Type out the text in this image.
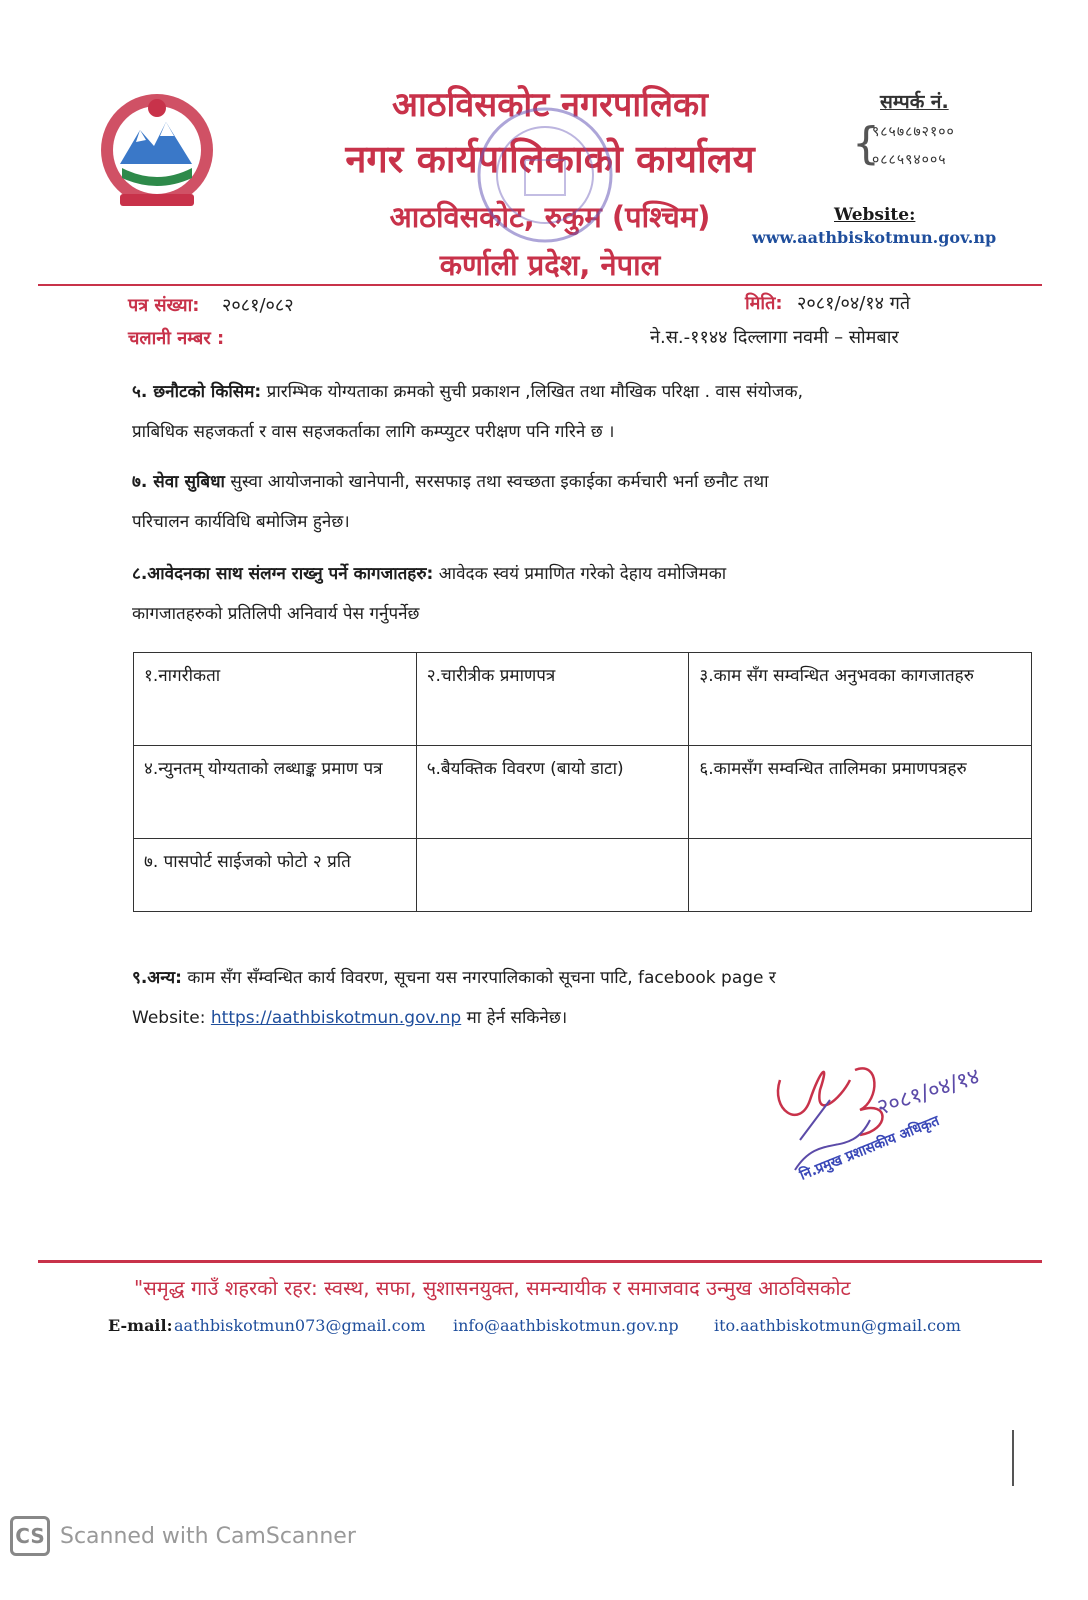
आठविसकोट नगरपालिका
नगर कार्यपालिकाको कार्यालय
आठविसकोट, रुकुम (पश्चिम)
कर्णाली प्रदेश, नेपाल
सम्पर्क नं.
{
९८५७८७२१००
०८८५९४००५
Website:
www.aathbiskotmun.gov.np
पत्र संख्या: २०८१/०८२
चलानी नम्बर :
मिति: २०८१/०४/१४ गते
ने.स.-११४४ दिल्लागा नवमी – सोमबार
५. छनौटको किसिम: प्रारम्भिक योग्यताका क्रमको सुची प्रकाशन ,लिखित तथा मौखिक परिक्षा . वास संयोजक,
प्राबिधिक सहजकर्ता र वास सहजकर्ताका लागि कम्प्युटर परीक्षण पनि गरिने छ ।
७. सेवा सुबिधा सुस्वा आयोजनाको खानेपानी, सरसफाइ तथा स्वच्छता इकाईका कर्मचारी भर्ना छनौट तथा
परिचालन कार्यविधि बमोजिम हुनेछ।
८.आवेदनका साथ संलग्न राख्नु पर्ने कागजातहरु: आवेदक स्वयं प्रमाणित गरेको देहाय वमोजिमका
कागजातहरुको प्रतिलिपी अनिवार्य पेस गर्नुपर्नेछ
१.नागरीकता	२.चारीत्रीक प्रमाणपत्र	३.काम सँग सम्वन्धित अनुभवका कागजातहरु
४.न्युनतम् योग्यताको लब्धाङ्क प्रमाण पत्र	५.बैयक्तिक विवरण (बायो डाटा)	६.कामसँग सम्वन्धित तालिमका प्रमाणपत्रहरु
७. पासपोर्ट साईजको फोटो २ प्रति		
९.अन्य: काम सँग सँम्वन्धित कार्य विवरण, सूचना यस नगरपालिकाको सूचना पाटि, facebook page र
Website: https://aathbiskotmun.gov.np मा हेर्न सकिनेछ।
२०८१/०४/१४
नि.प्रमुख प्रशासकीय अधिकृत
"समृद्ध गाउँ शहरको रहर: स्वस्थ, सफा, सुशासनयुक्त, समन्यायीक र समाजवाद उन्मुख आठविसकोट
E-mail: aathbiskotmun073@gmail.com info@aathbiskotmun.gov.np ito.aathbiskotmun@gmail.com
CS Scanned with CamScanner
